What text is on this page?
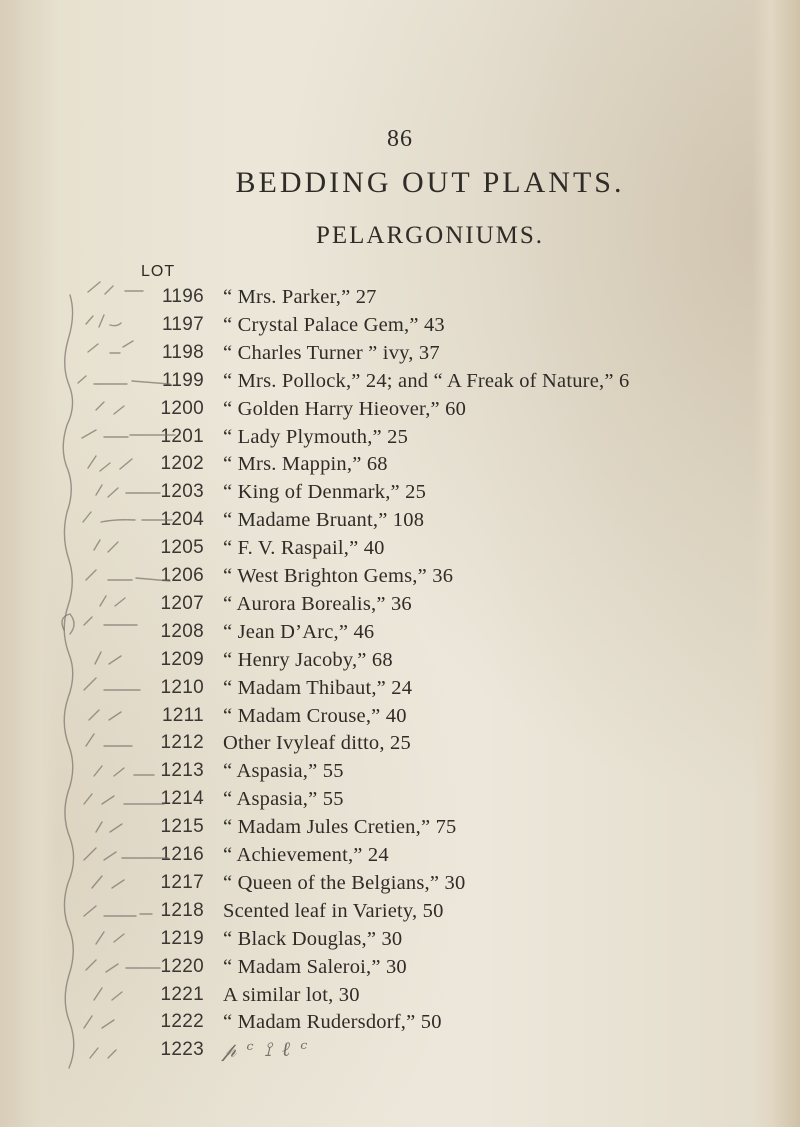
86
BEDDING OUT PLANTS.
PELARGONIUMS.
LOT
1196 “ Mrs. Parker,” 27
1197 “ Crystal Palace Gem,” 43
1198 “ Charles Turner ” ivy, 37
1199 “ Mrs. Pollock,” 24; and “ A Freak of Nature,” 6
1200 “ Golden Harry Hieover,” 60
1201 “ Lady Plymouth,” 25
1202 “ Mrs. Mappin,” 68
1203 “ King of Denmark,” 25
1204 “ Madame Bruant,” 108
1205 “ F. V. Raspail,” 40
1206 “ West Brighton Gems,” 36
1207 “ Aurora Borealis,” 36
1208 “ Jean D’Arc,” 46
1209 “ Henry Jacoby,” 68
1210 “ Madam Thibaut,” 24
1211 “ Madam Crouse,” 40
1212 Other Ivyleaf ditto, 25
1213 “ Aspasia,” 55
1214 “ Aspasia,” 55
1215 “ Madam Jules Cretien,” 75
1216 “ Achievement,” 24
1217 “ Queen of the Belgians,” 30
1218 Scented leaf in Variety, 50
1219 “ Black Douglas,” 30
1220 “ Madam Saleroi,” 30
1221 A similar lot, 30
1222 “ Madam Rudersdorf,” 50
1223 𝓅 ᶜ ⟟ ℓ ᶜ
